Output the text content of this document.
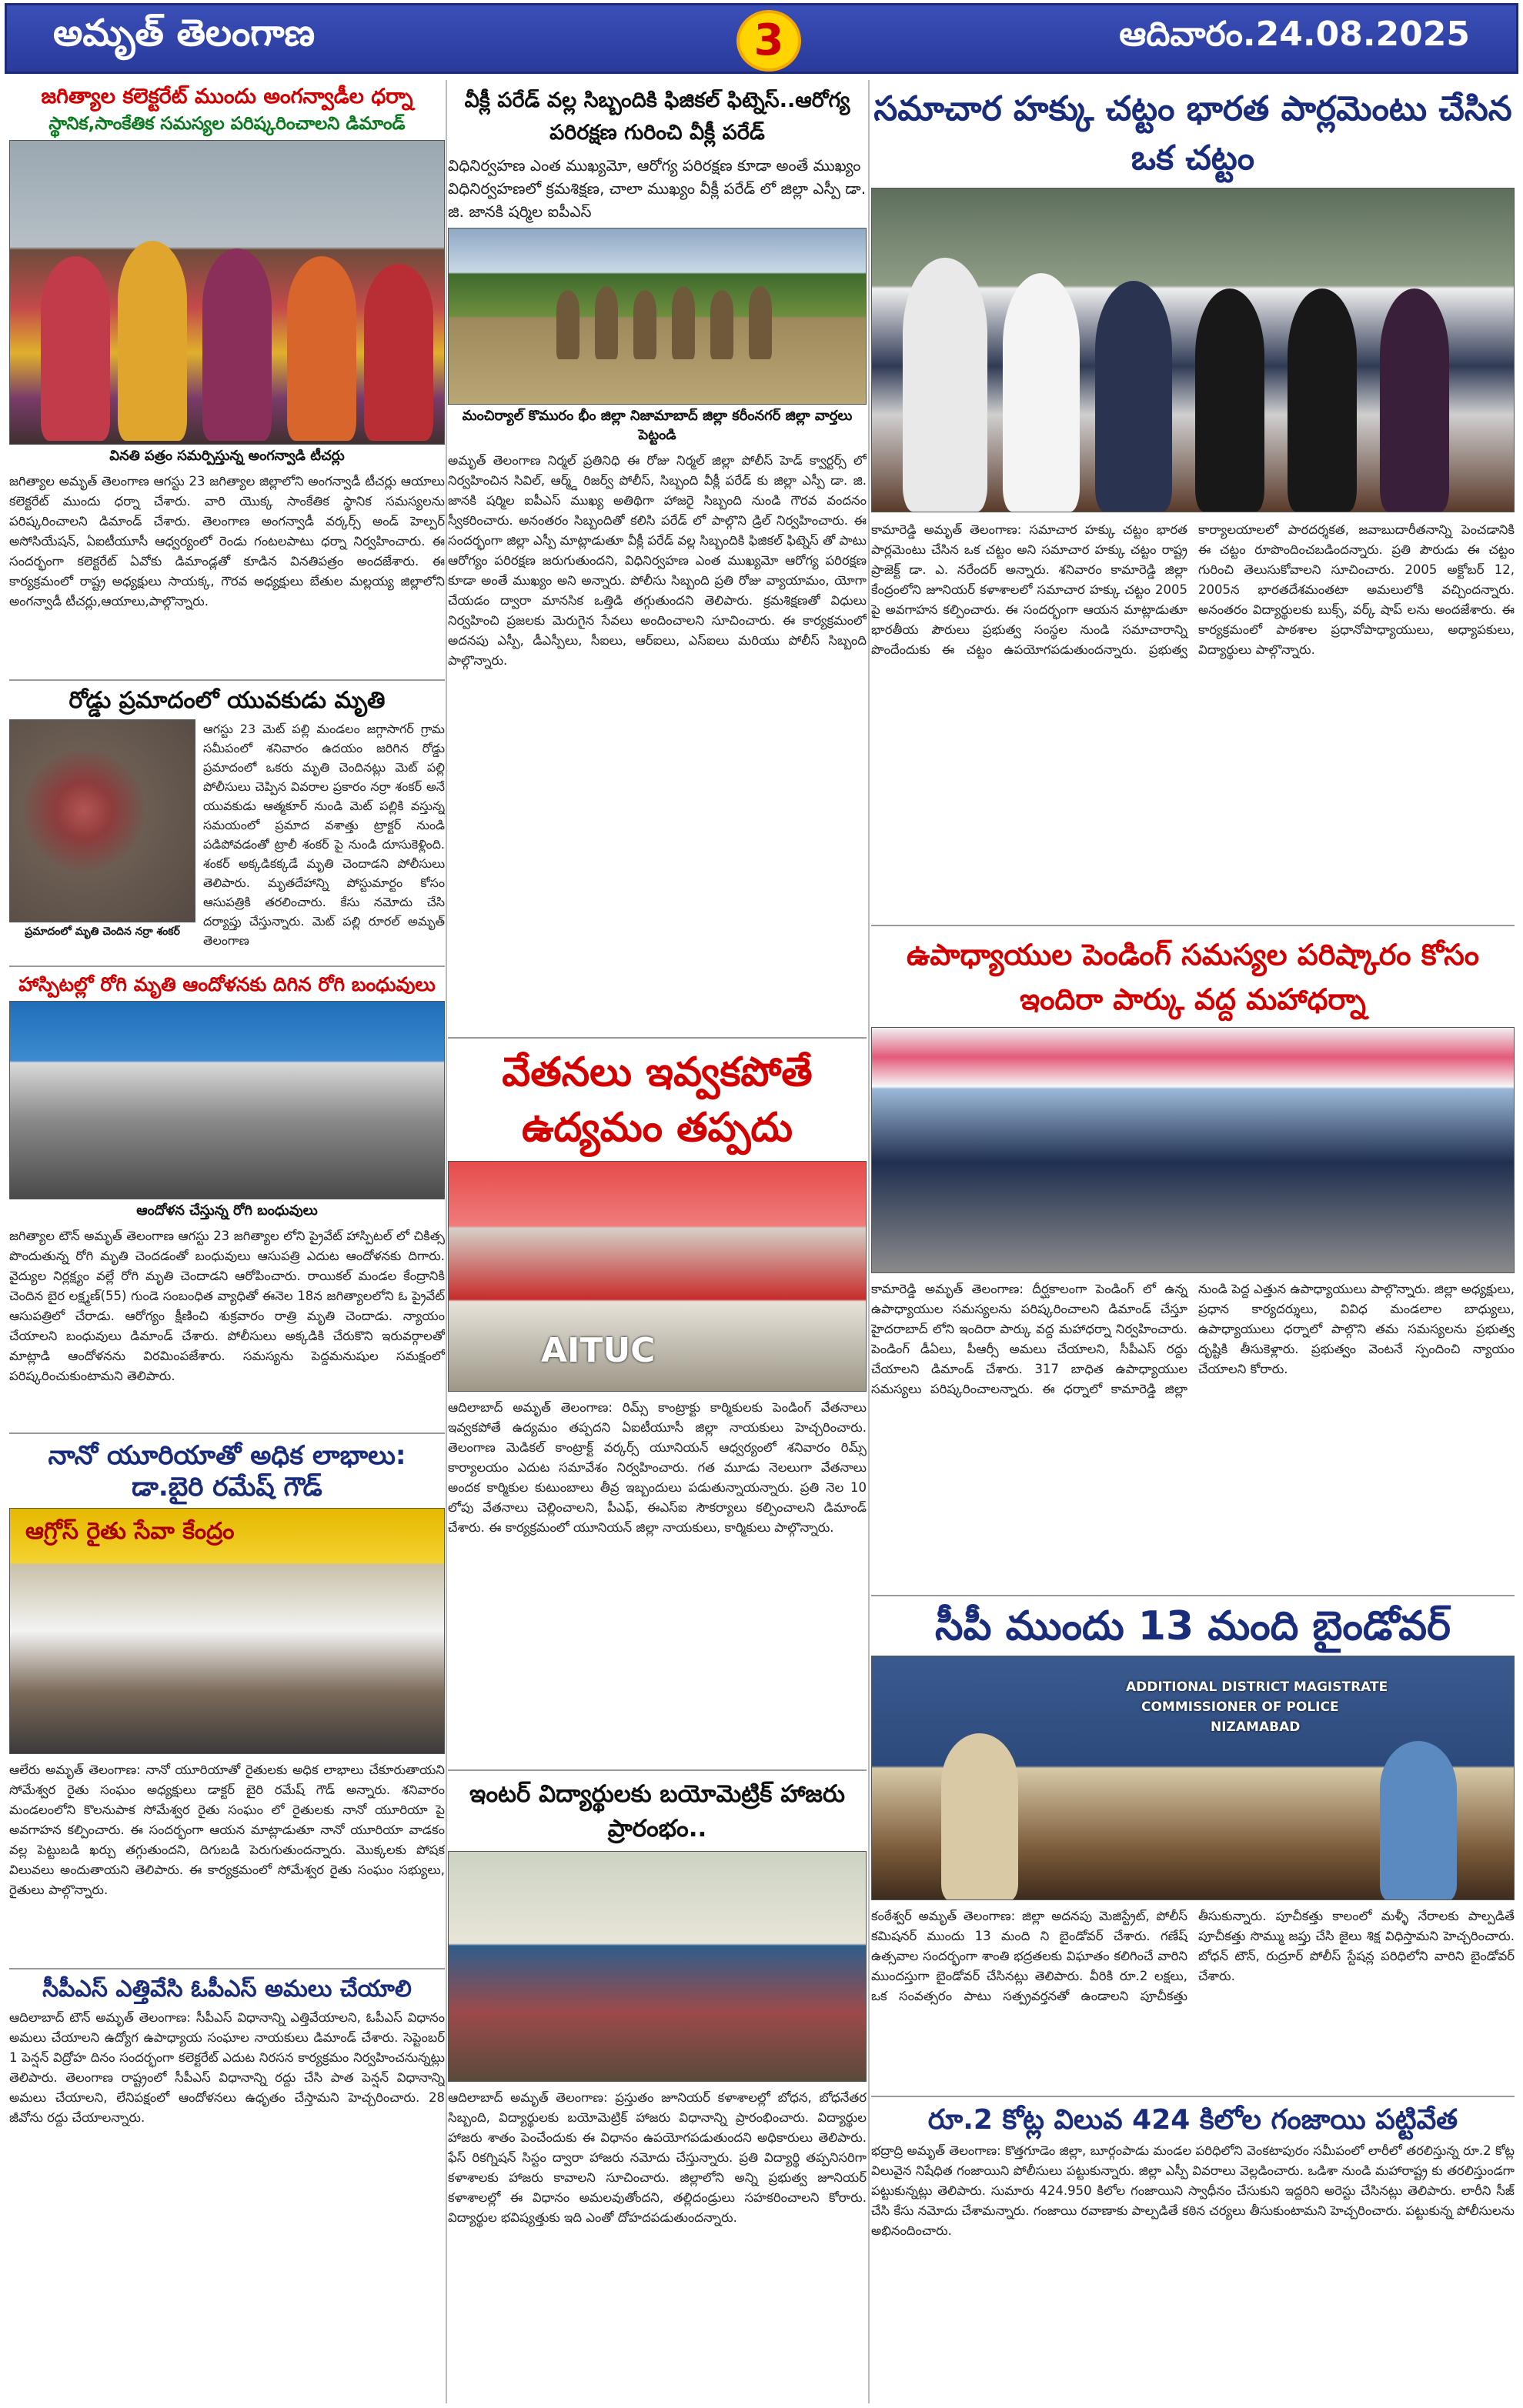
అమృత్ తెలంగాణ	3	ఆదివారం.24.08.2025
జగిత్యాల కలెక్టరేట్ ముందు అంగన్వాడీల ధర్నా
స్థానిక,సాంకేతిక సమస్యల పరిష్కరించాలని డిమాండ్
వినతి పత్రం సమర్పిస్తున్న అంగన్వాడి టీచర్లు
జగిత్యాల అమృత్ తెలంగాణ ఆగస్టు 23 జగిత్యాల జిల్లాలోని అంగన్వాడీ టీచర్లు ఆయాలు కలెక్టరేట్ ముందు ధర్నా చేశారు. వారి యొక్క సాంకేతిక స్థానిక సమస్యలను పరిష్కరించాలని డిమాండ్ చేశారు. తెలంగాణ అంగన్వాడీ వర్కర్స్ అండ్ హెల్పర్ అసోసియేషన్, ఏఐటీయూసీ ఆధ్వర్యంలో రెండు గంటలపాటు ధర్నా నిర్వహించారు. ఈ సందర్భంగా కలెక్టరేట్ ఏవోకు డిమాండ్లతో కూడిన వినతిపత్రం అందజేశారు. ఈ కార్యక్రమంలో రాష్ట్ర అధ్యక్షులు సాయక్క, గౌరవ అధ్యక్షులు బేతుల మల్లయ్య జిల్లాలోని అంగన్వాడీ టీచర్లు,ఆయాలు,పాల్గొన్నారు.
రోడ్డు ప్రమాదంలో యువకుడు మృతి
ప్రమాదంలో మృతి చెందిన నర్రా శంకర్
ఆగస్టు 23 మెట్ పల్లి మండలం జగ్గాసాగర్ గ్రామ సమీపంలో శనివారం ఉదయం జరిగిన రోడ్డు ప్రమాదంలో ఒకరు మృతి చెందినట్లు మెట్ పల్లి పోలీసులు చెప్పిన వివరాల ప్రకారం నర్రా శంకర్ అనే యువకుడు ఆత్మకూర్ నుండి మెట్ పల్లికి వస్తున్న సమయంలో ప్రమాద వశాత్తు ట్రాక్టర్ నుండి పడిపోవడంతో ట్రాలీ శంకర్ పై నుండి దూసుకెళ్లింది. శంకర్ అక్కడికక్కడే మృతి చెందాడని పోలీసులు తెలిపారు. మృతదేహాన్ని పోస్టుమార్టం కోసం ఆసుపత్రికి తరలించారు. కేసు నమోదు చేసి దర్యాప్తు చేస్తున్నారు. మెట్ పల్లి రూరల్ అమృత్ తెలంగాణ
హాస్పిటల్లో రోగి మృతి ఆందోళనకు దిగిన రోగి బంధువులు
ఆందోళన చేస్తున్న రోగి బంధువులు
జగిత్యాల టౌన్ అమృత్ తెలంగాణ ఆగస్టు 23 జగిత్యాల లోని ప్రైవేట్ హాస్పిటల్ లో చికిత్స పొందుతున్న రోగి మృతి చెందడంతో బంధువులు ఆసుపత్రి ఎదుట ఆందోళనకు దిగారు. వైద్యుల నిర్లక్ష్యం వల్లే రోగి మృతి చెందాడని ఆరోపించారు. రాయికల్ మండల కేంద్రానికి చెందిన బైర లక్ష్మణ్(55) గుండె సంబంధిత వ్యాధితో ఈనెల 18న జగిత్యాలలోని ఓ ప్రైవేట్ ఆసుపత్రిలో చేరాడు. ఆరోగ్యం క్షీణించి శుక్రవారం రాత్రి మృతి చెందాడు. న్యాయం చేయాలని బంధువులు డిమాండ్ చేశారు. పోలీసులు అక్కడికి చేరుకొని ఇరువర్గాలతో మాట్లాడి ఆందోళనను విరమింపజేశారు. సమస్యను పెద్దమనుషుల సమక్షంలో పరిష్కరించుకుంటామని తెలిపారు.
నానో యూరియాతో అధిక లాభాలు: డా.బైరి రమేష్ గౌడ్
ఆగ్రోస్ రైతు సేవా కేంద్రం
ఆలేరు అమృత్ తెలంగాణ: నానో యూరియాతో రైతులకు అధిక లాభాలు చేకూరుతాయని సోమేశ్వర రైతు సంఘం అధ్యక్షులు డాక్టర్ బైరి రమేష్ గౌడ్ అన్నారు. శనివారం మండలంలోని కొలనుపాక సోమేశ్వర రైతు సంఘం లో రైతులకు నానో యూరియా పై అవగాహన కల్పించారు. ఈ సందర్భంగా ఆయన మాట్లాడుతూ నానో యూరియా వాడకం వల్ల పెట్టుబడి ఖర్చు తగ్గుతుందని, దిగుబడి పెరుగుతుందన్నారు. మొక్కలకు పోషక విలువలు అందుతాయని తెలిపారు. ఈ కార్యక్రమంలో సోమేశ్వర రైతు సంఘం సభ్యులు, రైతులు పాల్గొన్నారు.
సీపీఎస్ ఎత్తివేసి ఓపీఎస్ అమలు చేయాలి
ఆదిలాబాద్ టౌన్ అమృత్ తెలంగాణ: సీపీఎస్ విధానాన్ని ఎత్తివేయాలని, ఓపీఎస్ విధానం అమలు చేయాలని ఉద్యోగ ఉపాధ్యాయ సంఘాల నాయకులు డిమాండ్ చేశారు. సెప్టెంబర్ 1 పెన్షన్ విద్రోహ దినం సందర్భంగా కలెక్టరేట్ ఎదుట నిరసన కార్యక్రమం నిర్వహించనున్నట్లు తెలిపారు. తెలంగాణ రాష్ట్రంలో సీపీఎస్ విధానాన్ని రద్దు చేసి పాత పెన్షన్ విధానాన్ని అమలు చేయాలని, లేనిపక్షంలో ఆందోళనలు ఉధృతం చేస్తామని హెచ్చరించారు. 28 జీవోను రద్దు చేయాలన్నారు.
వీక్లీ పరేడ్ వల్ల సిబ్బందికి ఫిజికల్ ఫిట్నెస్..ఆరోగ్య పరిరక్షణ గురించి వీక్లీ పరేడ్
విధినిర్వహణ ఎంత ముఖ్యమో, ఆరోగ్య పరిరక్షణ కూడా అంతే ముఖ్యం విధినిర్వహణలో క్రమశిక్షణ, చాలా ముఖ్యం వీక్లీ పరేడ్ లో జిల్లా ఎస్పీ డా. జి. జానకి షర్మిల ఐపీఎస్
మంచిర్యాల్ కొమురం భీం జిల్లా నిజామాబాద్ జిల్లా కరీంనగర్ జిల్లా వార్తలు పెట్టండి
అమృత్ తెలంగాణ నిర్మల్ ప్రతినిధి ఈ రోజు నిర్మల్ జిల్లా పోలీస్ హెడ్ క్వార్టర్స్ లో నిర్వహించిన సివిల్, ఆర్మ్డ్ రిజర్వ్ పోలీస్, సిబ్బంది వీక్లీ పరేడ్ కు జిల్లా ఎస్పీ డా. జి. జానకి షర్మిల ఐపీఎస్ ముఖ్య అతిథిగా హాజరై సిబ్బంది నుండి గౌరవ వందనం స్వీకరించారు. అనంతరం సిబ్బందితో కలిసి పరేడ్ లో పాల్గొని డ్రిల్ నిర్వహించారు. ఈ సందర్భంగా జిల్లా ఎస్పీ మాట్లాడుతూ వీక్లీ పరేడ్ వల్ల సిబ్బందికి ఫిజికల్ ఫిట్నెస్ తో పాటు ఆరోగ్యం పరిరక్షణ జరుగుతుందని, విధినిర్వహణ ఎంత ముఖ్యమో ఆరోగ్య పరిరక్షణ కూడా అంతే ముఖ్యం అని అన్నారు. పోలీసు సిబ్బంది ప్రతి రోజు వ్యాయామం, యోగా చేయడం ద్వారా మానసిక ఒత్తిడి తగ్గుతుందని తెలిపారు. క్రమశిక్షణతో విధులు నిర్వహించి ప్రజలకు మెరుగైన సేవలు అందించాలని సూచించారు. ఈ కార్యక్రమంలో అదనపు ఎస్పీ, డీఎస్పీలు, సీఐలు, ఆర్ఐలు, ఎస్ఐలు మరియు పోలీస్ సిబ్బంది పాల్గొన్నారు.
వేతనలు ఇవ్వకపోతే ఉద్యమం తప్పదు
AITUC
ఆదిలాబాద్ అమృత్ తెలంగాణ: రిమ్స్ కాంట్రాక్టు కార్మికులకు పెండింగ్ వేతనాలు ఇవ్వకపోతే ఉద్యమం తప్పదని ఏఐటీయూసీ జిల్లా నాయకులు హెచ్చరించారు. తెలంగాణ మెడికల్ కాంట్రాక్ట్ వర్కర్స్ యూనియన్ ఆధ్వర్యంలో శనివారం రిమ్స్ కార్యాలయం ఎదుట సమావేశం నిర్వహించారు. గత మూడు నెలలుగా వేతనాలు అందక కార్మికుల కుటుంబాలు తీవ్ర ఇబ్బందులు పడుతున్నాయన్నారు. ప్రతి నెల 10 లోపు వేతనాలు చెల్లించాలని, పీఎఫ్, ఈఎస్ఐ సౌకర్యాలు కల్పించాలని డిమాండ్ చేశారు. ఈ కార్యక్రమంలో యూనియన్ జిల్లా నాయకులు, కార్మికులు పాల్గొన్నారు.
ఇంటర్ విద్యార్థులకు బయోమెట్రిక్ హాజరు ప్రారంభం..
ఆదిలాబాద్ అమృత్ తెలంగాణ: ప్రస్తుతం జూనియర్ కళాశాలల్లో బోధన, బోధనేతర సిబ్బంది, విద్యార్థులకు బయోమెట్రిక్ హాజరు విధానాన్ని ప్రారంభించారు. విద్యార్థుల హాజరు శాతం పెంచేందుకు ఈ విధానం ఉపయోగపడుతుందని అధికారులు తెలిపారు. ఫేస్ రికగ్నిషన్ సిస్టం ద్వారా హాజరు నమోదు చేస్తున్నారు. ప్రతి విద్యార్థి తప్పనిసరిగా కళాశాలకు హాజరు కావాలని సూచించారు. జిల్లాలోని అన్ని ప్రభుత్వ జూనియర్ కళాశాలల్లో ఈ విధానం అమలవుతోందని, తల్లిదండ్రులు సహకరించాలని కోరారు. విద్యార్థుల భవిష్యత్తుకు ఇది ఎంతో దోహదపడుతుందన్నారు.
సమాచార హక్కు చట్టం భారత పార్లమెంటు చేసిన ఒక చట్టం
కామారెడ్డి అమృత్ తెలంగాణ: సమాచార హక్కు చట్టం భారత పార్లమెంటు చేసిన ఒక చట్టం అని సమాచార హక్కు చట్టం రాష్ట్ర ప్రాజెక్ట్ డా. ఎ. నరేందర్ అన్నారు. శనివారం కామారెడ్డి జిల్లా కేంద్రంలోని జూనియర్ కళాశాలలో సమాచార హక్కు చట్టం 2005 పై అవగాహన కల్పించారు. ఈ సందర్భంగా ఆయన మాట్లాడుతూ భారతీయ పౌరులు ప్రభుత్వ సంస్థల నుండి సమాచారాన్ని పొందేందుకు ఈ చట్టం ఉపయోగపడుతుందన్నారు. ప్రభుత్వ కార్యాలయాలలో పారదర్శకత, జవాబుదారీతనాన్ని పెంచడానికి ఈ చట్టం రూపొందించబడిందన్నారు. ప్రతి పౌరుడు ఈ చట్టం గురించి తెలుసుకోవాలని సూచించారు. 2005 అక్టోబర్ 12, 2005న భారతదేశమంతటా అమలులోకి వచ్చిందన్నారు. అనంతరం విద్యార్థులకు బుక్స్, వర్క్ షాప్ లను అందజేశారు. ఈ కార్యక్రమంలో పాఠశాల ప్రధానోపాధ్యాయులు, అధ్యాపకులు, విద్యార్థులు పాల్గొన్నారు.
ఉపాధ్యాయుల పెండింగ్ సమస్యల పరిష్కారం కోసం ఇందిరా పార్కు వద్ద మహాధర్నా
కామారెడ్డి అమృత్ తెలంగాణ: దీర్ఘకాలంగా పెండింగ్ లో ఉన్న ఉపాధ్యాయుల సమస్యలను పరిష్కరించాలని డిమాండ్ చేస్తూ హైదరాబాద్ లోని ఇందిరా పార్కు వద్ద మహాధర్నా నిర్వహించారు. పెండింగ్ డీఏలు, పీఆర్సీ అమలు చేయాలని, సీపీఎస్ రద్దు చేయాలని డిమాండ్ చేశారు. 317 బాధిత ఉపాధ్యాయుల సమస్యలు పరిష్కరించాలన్నారు. ఈ ధర్నాలో కామారెడ్డి జిల్లా నుండి పెద్ద ఎత్తున ఉపాధ్యాయులు పాల్గొన్నారు. జిల్లా అధ్యక్షులు, ప్రధాన కార్యదర్శులు, వివిధ మండలాల బాధ్యులు, ఉపాధ్యాయులు ధర్నాలో పాల్గొని తమ సమస్యలను ప్రభుత్వ దృష్టికి తీసుకెళ్లారు. ప్రభుత్వం వెంటనే స్పందించి న్యాయం చేయాలని కోరారు.
సీపీ ముందు 13 మంది బైండోవర్
ADDITIONAL DISTRICT MAGISTRATE
COMMISSIONER OF POLICE
NIZAMABAD
కంఠేశ్వర్ అమృత్ తెలంగాణ: జిల్లా అదనపు మెజిస్ట్రేట్, పోలీస్ కమిషనర్ ముందు 13 మంది ని బైండోవర్ చేశారు. గణేష్ ఉత్సవాల సందర్భంగా శాంతి భద్రతలకు విఘాతం కలిగించే వారిని ముందస్తుగా బైండోవర్ చేసినట్లు తెలిపారు. వీరికి రూ.2 లక్షలు, ఒక సంవత్సరం పాటు సత్ప్రవర్తనతో ఉండాలని పూచీకత్తు తీసుకున్నారు. పూచీకత్తు కాలంలో మళ్ళీ నేరాలకు పాల్పడితే పూచీకత్తు సొమ్ము జప్తు చేసి జైలు శిక్ష విధిస్తామని హెచ్చరించారు. బోధన్ టౌన్, రుద్రూర్ పోలీస్ స్టేషన్ల పరిధిలోని వారిని బైండోవర్ చేశారు.
రూ.2 కోట్ల విలువ 424 కిలోల గంజాయి పట్టివేత
భద్రాద్రి అమృత్ తెలంగాణ: కొత్తగూడెం జిల్లా, బూర్గంపాడు మండల పరిధిలోని వెంకటాపురం సమీపంలో లారీలో తరలిస్తున్న రూ.2 కోట్ల విలువైన నిషేధిత గంజాయిని పోలీసులు పట్టుకున్నారు. జిల్లా ఎస్పీ వివరాలు వెల్లడించారు. ఒడిశా నుండి మహారాష్ట్ర కు తరలిస్తుండగా పట్టుకున్నట్లు తెలిపారు. సుమారు 424.950 కిలోల గంజాయిని స్వాధీనం చేసుకుని ఇద్దరిని అరెస్టు చేసినట్లు తెలిపారు. లారీని సీజ్ చేసి కేసు నమోదు చేశామన్నారు. గంజాయి రవాణాకు పాల్పడితే కఠిన చర్యలు తీసుకుంటామని హెచ్చరించారు. పట్టుకున్న పోలీసులను అభినందించారు.
